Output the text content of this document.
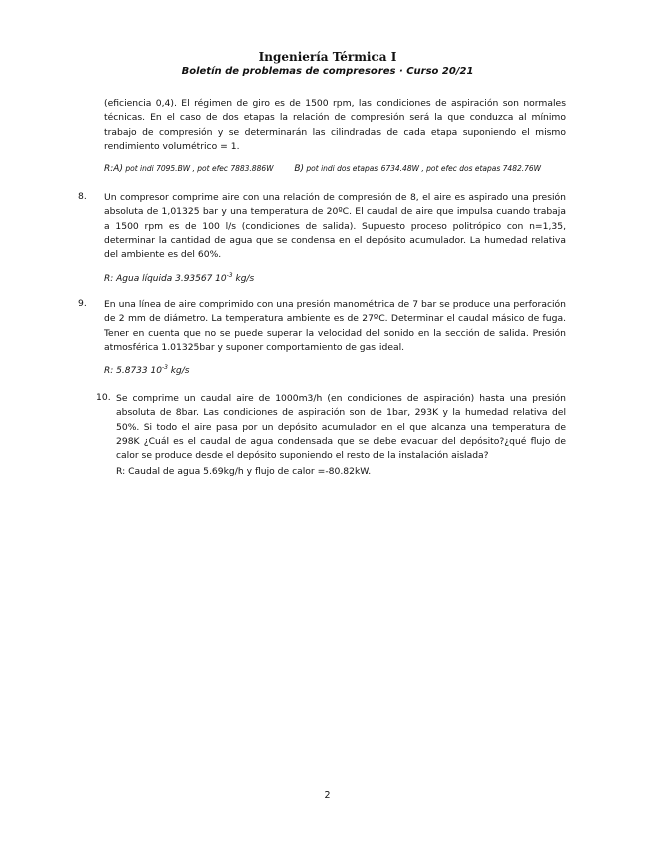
Ingeniería Térmica I
Boletín de problemas de compresores · Curso 20/21
(eficiencia 0,4). El régimen de giro es de 1500 rpm, las condiciones de aspiración son normales técnicas. En el caso de dos etapas la relación de compresión será la que conduzca al mínimo trabajo de compresión y se determinarán las cilindradas de cada etapa suponiendo el mismo rendimiento volumétrico = 1.
R:A) pot indi 7095.BW , pot efec 7883.886W B) pot indi dos etapas 6734.48W , pot efec dos etapas 7482.76W
8. Un compresor comprime aire con una relación de compresión de 8, el aire es aspirado una presión absoluta de 1,01325 bar y una temperatura de 20ºC. El caudal de aire que impulsa cuando trabaja a 1500 rpm es de 100 l/s (condiciones de salida). Supuesto proceso politrópico con n=1,35, determinar la cantidad de agua que se condensa en el depósito acumulador. La humedad relativa del ambiente es del 60%.
R: Agua líquida 3.93567 $10^{-3}$ kg/s
9. En una línea de aire comprimido con una presión manométrica de 7 bar se produce una perforación de 2 mm de diámetro. La temperatura ambiente es de 27ºC. Determinar el caudal másico de fuga. Tener en cuenta que no se puede superar la velocidad del sonido en la sección de salida. Presión atmosférica 1.01325bar y suponer comportamiento de gas ideal.
R: 5.8733 $10^{-3}$ kg/s
10. Se comprime un caudal aire de 1000m3/h (en condiciones de aspiración) hasta una presión absoluta de 8bar. Las condiciones de aspiración son de 1bar, 293K y la humedad relativa del 50%. Si todo el aire pasa por un depósito acumulador en el que alcanza una temperatura de 298K ¿Cuál es el caudal de agua condensada que se debe evacuar del depósito?¿qué flujo de calor se produce desde el depósito suponiendo el resto de la instalación aislada?
R: Caudal de agua 5.69kg/h y flujo de calor =-80.82kW.
2
